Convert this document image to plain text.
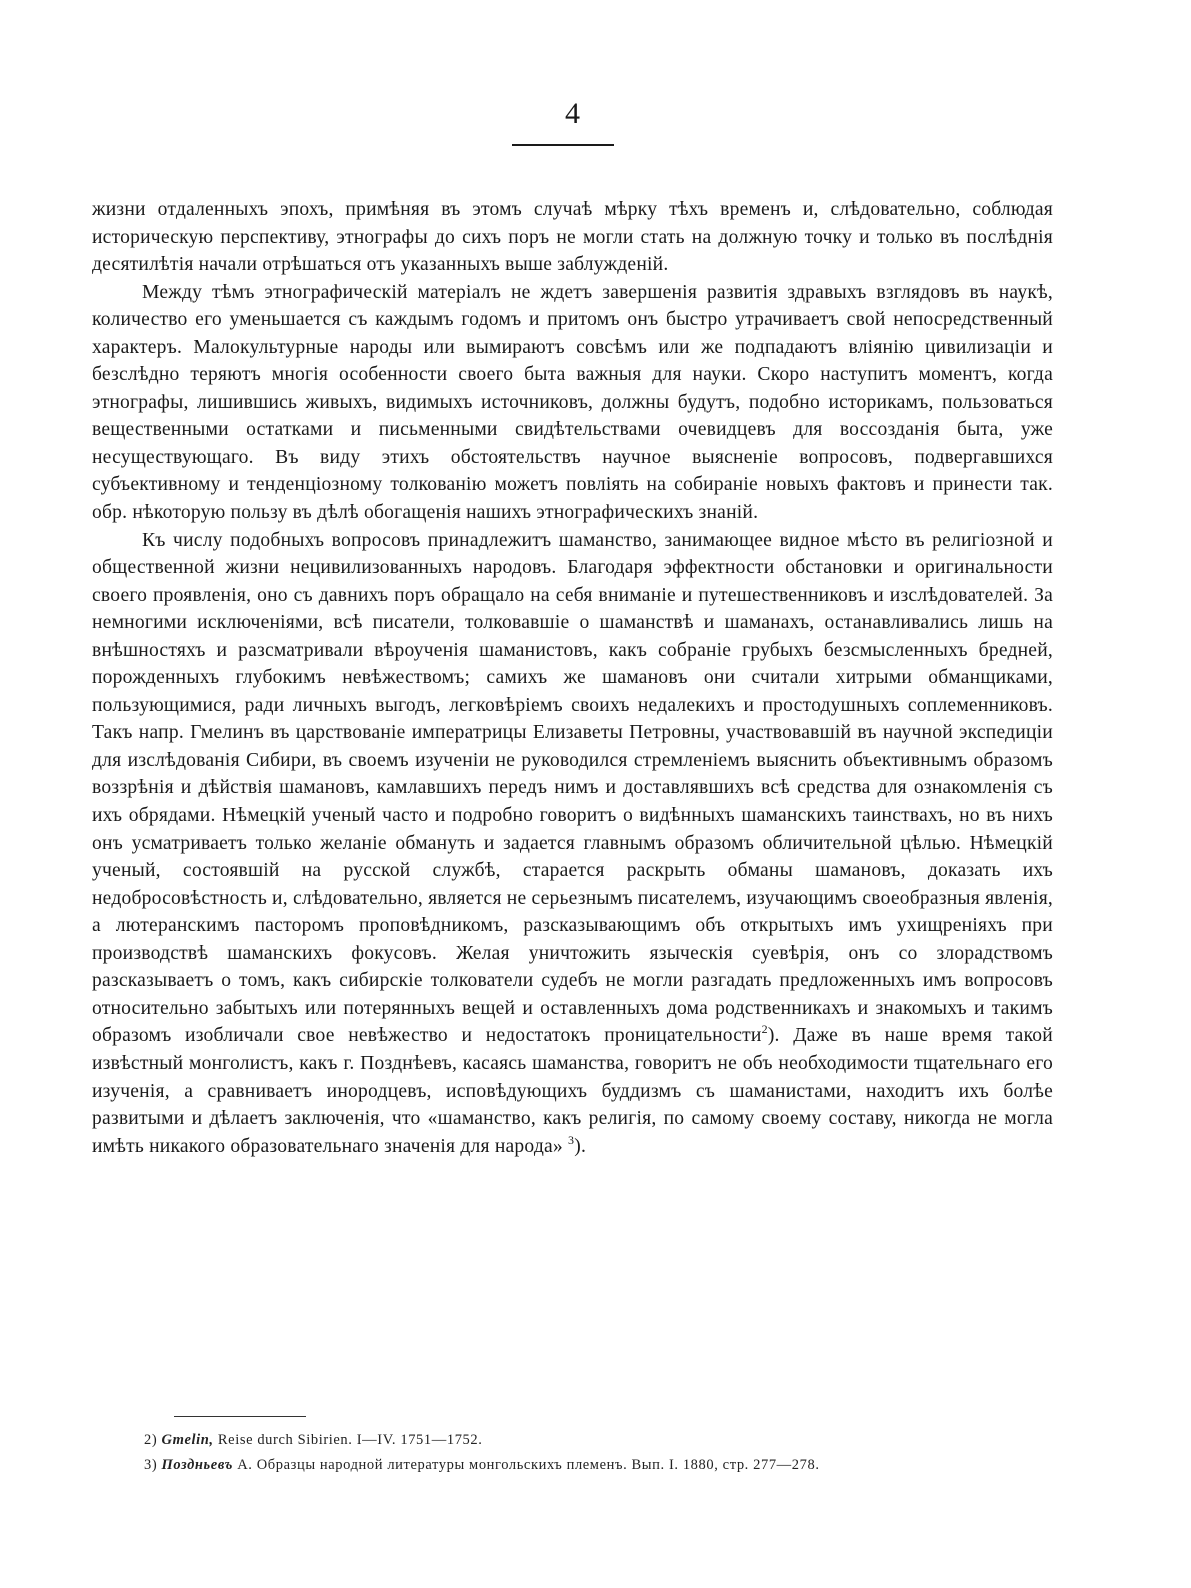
4

жизни отдаленныхъ эпохъ, примѣняя въ этомъ случаѣ мѣрку тѣхъ временъ и, слѣдовательно, соблюдая историческую перспективу, этнографы до сихъ поръ не могли стать на должную точку и только въ послѣднія десятилѣтія начали отрѣшаться отъ указанныхъ выше заблужденій.

Между тѣмъ этнографическій матеріалъ не ждетъ завершенія развитія здравыхъ взглядовъ въ наукѣ, количество его уменьшается съ каждымъ годомъ и притомъ онъ быстро утрачиваетъ свой непосредственный характеръ. Малокультурные народы или вымираютъ совсѣмъ или же подпадаютъ вліянію цивилизаціи и безслѣдно теряютъ многія особенности своего быта важныя для науки. Скоро наступитъ моментъ, когда этнографы, лишившись живыхъ, видимыхъ источниковъ, должны будутъ, подобно историкамъ, пользоваться вещественными остатками и письменными свидѣтельствами очевидцевъ для воссозданія быта, уже несуществующаго. Въ виду этихъ обстоятельствъ научное выясненіе вопросовъ, подвергавшихся субъективному и тенденціозному толкованію можетъ повлiять на собираніе новыхъ фактовъ и принести так. обр. нѣкоторую пользу въ дѣлѣ обогащенія нашихъ этнографическихъ знаній.

Къ числу подобныхъ вопросовъ принадлежитъ шаманство, занимающее видное мѣсто въ религіозной и общественной жизни нецивилизованныхъ народовъ. Благодаря эффектности обстановки и оригинальности своего проявленія, оно съ давнихъ поръ обращало на себя вниманіе и путешественниковъ и изслѣдователей. За немногими исключеніями, всѣ писатели, толковавшіе о шаманствѣ и шаманахъ, останавливались лишь на внѣшностяхъ и разсматривали вѣроученія шаманистовъ, какъ собраніе грубыхъ безсмысленныхъ бредней, порожденныхъ глубокимъ невѣжествомъ; самихъ же шамановъ они считали хитрыми обманщиками, пользующимися, ради личныхъ выгодъ, легковѣріемъ своихъ недалекихъ и простодушныхъ соплеменниковъ. Такъ напр. Гмелинъ въ царствованіе императрицы Елизаветы Петровны, участвовавшій въ научной экспедиціи для изслѣдованія Сибири, въ своемъ изученіи не руководился стремленіемъ выяснить объективнымъ образомъ воззрѣнія и дѣйствія шамановъ, камлавшихъ передъ нимъ и доставлявшихъ всѣ средства для ознакомленія съ ихъ обрядами. Нѣмецкій ученый часто и подробно говоритъ о видѣнныхъ шаманскихъ таинствахъ, но въ нихъ онъ усматриваетъ только желаніе обмануть и задается главнымъ образомъ обличительной цѣлью. Нѣмецкій ученый, состоявшій на русской службѣ, старается раскрыть обманы шамановъ, доказать ихъ недобросовѣстность и, слѣдовательно, является не серьезнымъ писателемъ, изучающимъ своеобразныя явленія, а лютеранскимъ пасторомъ проповѣдникомъ, разсказывающимъ объ открытыхъ имъ ухищреніяхъ при производствѣ шаманскихъ фокусовъ. Желая уничтожить языческія суевѣрія, онъ со злорадствомъ разсказываетъ о томъ, какъ сибирскіе толкователи судебъ не могли разгадать предложенныхъ имъ вопросовъ относительно забытыхъ или потерянныхъ вещей и оставленныхъ дома родственникахъ и знакомыхъ и такимъ образомъ изобличали свое невѣжество и недостатокъ проницательности$^2$). Даже въ наше время такой извѣстный монголистъ, какъ г. Позднѣевъ, касаясь шаманства, говоритъ не объ необходимости тщательнаго его изученія, а сравниваетъ инородцевъ, исповѣдующихъ буддизмъ съ шаманистами, находитъ ихъ болѣе развитыми и дѣлаетъ заключенія, что «шаманство, какъ религія, по самому своему составу, никогда не могла имѣть никакого образовательнаго значенія для народа» $^3$).

2) Gmelin, Reise durch Sibirien. I—IV. 1751—1752.
3) Поздньевъ А. Образцы народной литературы монгольскихъ племенъ. Вып. I. 1880, стр. 277—278.
